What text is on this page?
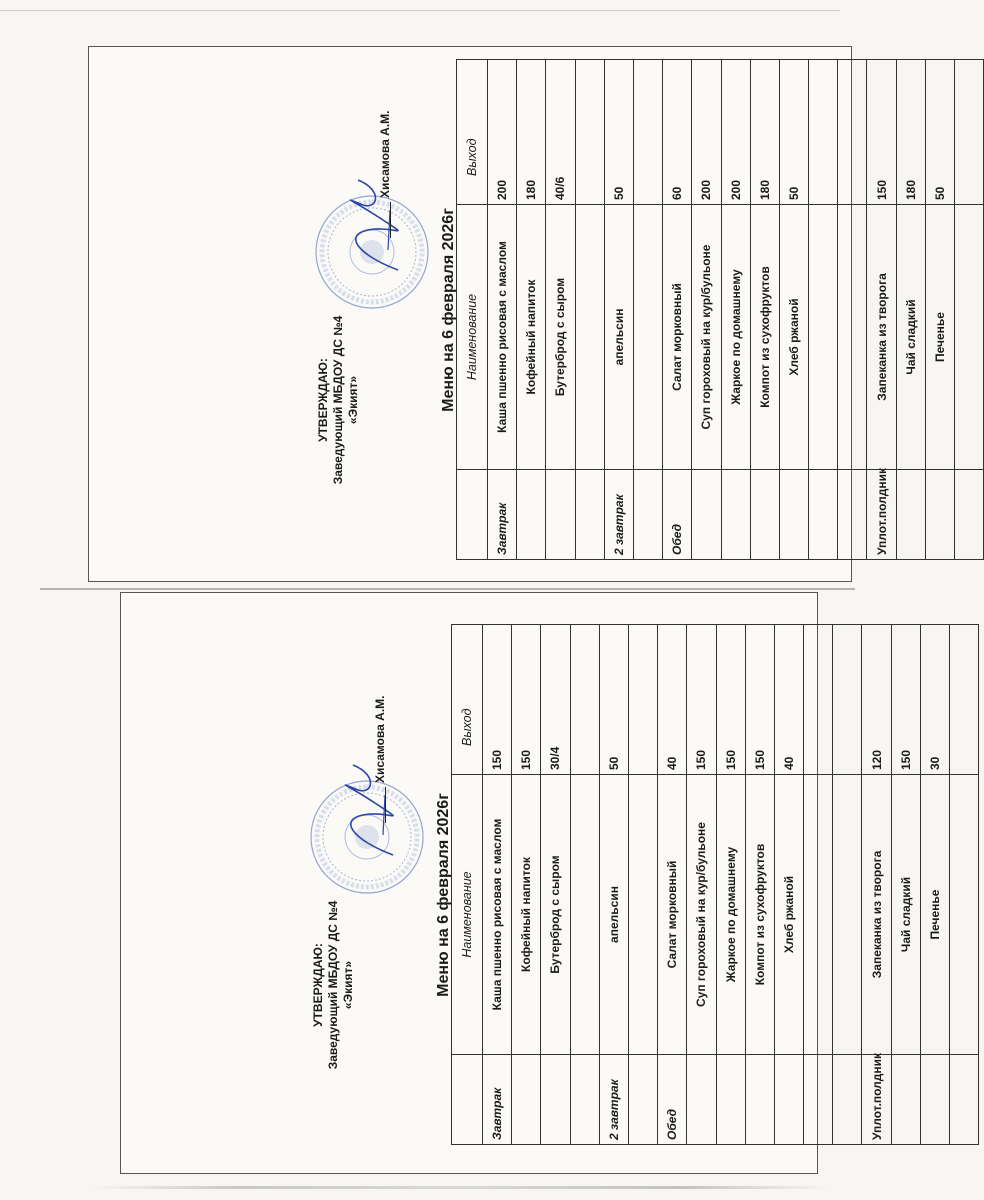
УТВЕРЖДАЮ: Заведующий МБДОУ ДС №4 «Экият»
Хисамова А.М.
Меню на 6 февраля 2026г
	Наименование	Выход
Завтрак	Каша пшенно рисовая с маслом	200
	Кофейный напиток	180
	Бутерброд с сыром	40/6

2 завтрак	апельсин	50

Обед	Салат морковный	60
	Суп гороховый на кур/бульоне	200
	Жаркое по домашнему	200
	Компот из сухофруктов	180
	Хлеб ржаной	50

Уплот.полдник	Запеканка из творога	150
	Чай сладкий	180
	Печенье	50

УТВЕРЖДАЮ: Заведующий МБДОУ ДС №4 «Экият»
Хисамова А.М.
Меню на 6 февраля 2026г
	Наименование	Выход
Завтрак	Каша пшенно рисовая с маслом	150
	Кофейный напиток	150
	Бутерброд с сыром	30/4

2 завтрак	апельсин	50

Обед	Салат морковный	40
	Суп гороховый на кур/бульоне	150
	Жаркое по домашнему	150
	Компот из сухофруктов	150
	Хлеб ржаной	40

Уплот.полдник	Запеканка из творога	120
	Чай сладкий	150
	Печенье	30
